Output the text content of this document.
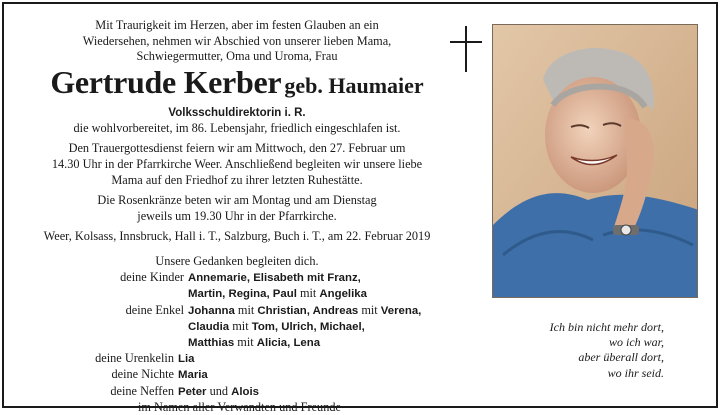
Mit Traurigkeit im Herzen, aber im festen Glauben an ein

Wiedersehen, nehmen wir Abschied von unserer lieben Mama,

Schwiegermutter, Oma und Uroma, Frau

Gertrude Kerber geb. Haumaier

Volksschuldirektorin i. R.

die wohlvorbereitet, im 86. Lebensjahr, friedlich eingeschlafen ist.

Den Trauergottesdienst feiern wir am Mittwoch, den 27. Februar um

14.30 Uhr in der Pfarrkirche Weer. Anschließend begleiten wir unsere liebe

Mama auf den Friedhof zu ihrer letzten Ruhestätte.

Die Rosenkränze beten wir am Montag und am Dienstag

jeweils um 19.30 Uhr in der Pfarrkirche.

Weer, Kolsass, Innsbruck, Hall i. T., Salzburg, Buch i. T., am 22. Februar 2019

Unsere Gedanken begleiten dich.

deine Kinder Annemarie, Elisabeth mit Franz,
Martin, Regina, Paul mit Angelika
deine Enkel Johanna mit Christian, Andreas mit Verena,
Claudia mit Tom, Ulrich, Michael,
Matthias mit Alicia, Lena
deine Urenkelin Lia
deine Nichte Maria
deine Neffen Peter und Alois

im Namen aller Verwandten und Freunde

Ich bin nicht mehr dort,

wo ich war,

aber überall dort,

wo ihr seid.
